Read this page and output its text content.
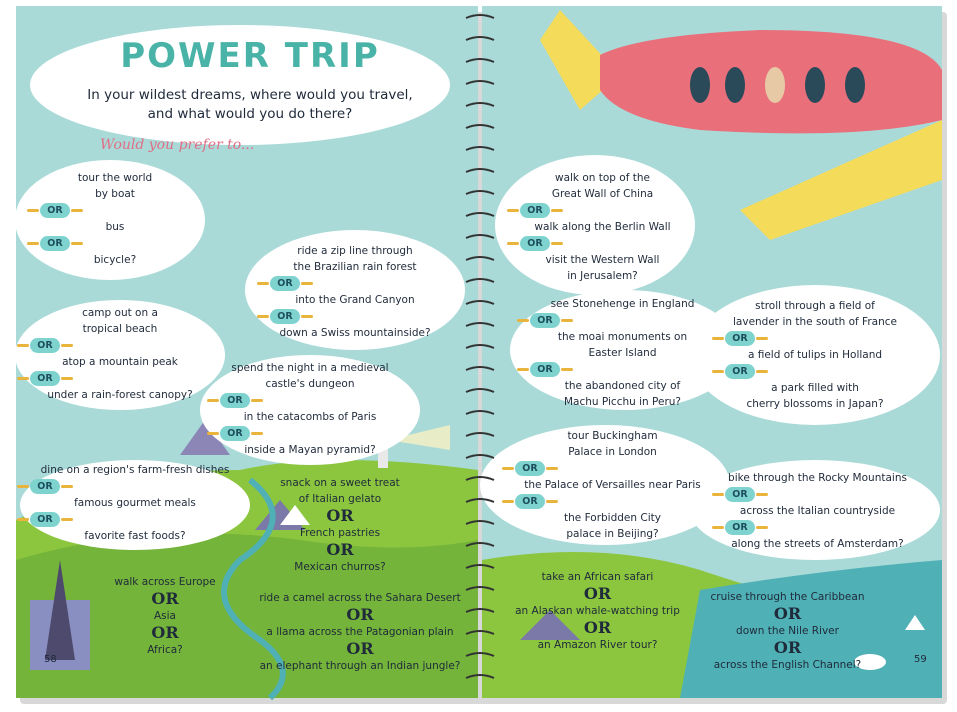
POWER TRIP
In your wildest dreams, where would you travel,
and what would you do there?
Would you prefer to...
tour the world
by boat
OR
bus
OR
bicycle?
ride a zip line through
the Brazilian rain forest
OR
into the Grand Canyon
OR
down a Swiss mountainside?
camp out on a
tropical beach
OR
atop a mountain peak
OR
under a rain-forest canopy?
spend the night in a medieval
castle's dungeon
OR
in the catacombs of Paris
OR
inside a Mayan pyramid?
dine on a region's farm-fresh dishes
OR
famous gourmet meals
OR
favorite fast foods?
snack on a sweet treat
of Italian gelato
OR
French pastries
OR
Mexican churros?
walk across Europe
OR
Asia
OR
Africa?
ride a camel across the Sahara Desert
OR
a llama across the Patagonian plain
OR
an elephant through an Indian jungle?
walk on top of the
Great Wall of China
OR
walk along the Berlin Wall
OR
visit the Western Wall
in Jerusalem?
see Stonehenge in England
OR
the moai monuments on
Easter Island
OR
the abandoned city of
Machu Picchu in Peru?
stroll through a field of
lavender in the south of France
OR
a field of tulips in Holland
OR
a park filled with
cherry blossoms in Japan?
tour Buckingham
Palace in London
OR
the Palace of Versailles near Paris
OR
the Forbidden City
palace in Beijing?
bike through the Rocky Mountains
OR
across the Italian countryside
OR
along the streets of Amsterdam?
take an African safari
OR
an Alaskan whale-watching trip
OR
an Amazon River tour?
cruise through the Caribbean
OR
down the Nile River
OR
across the English Channel?
58	59
